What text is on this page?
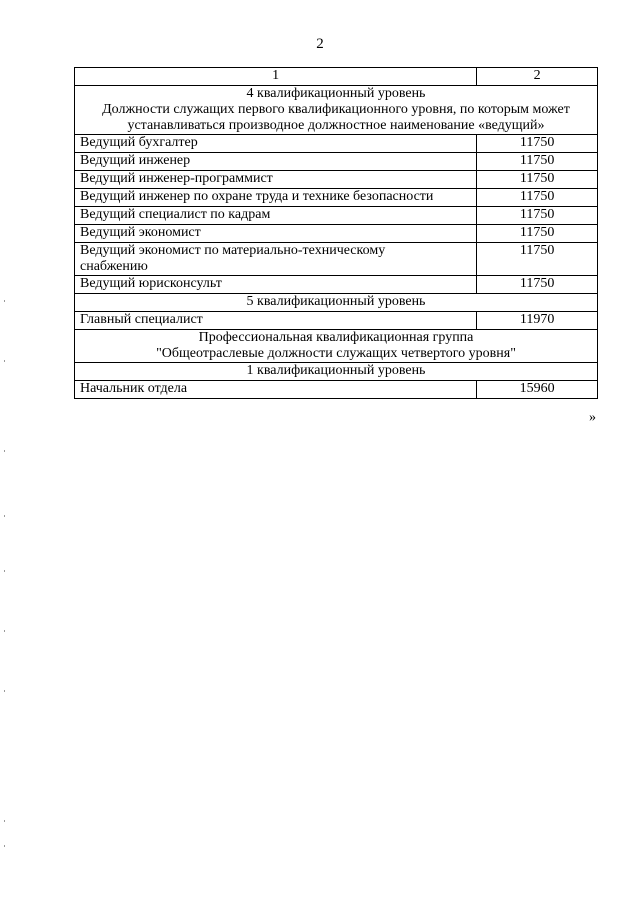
2
1	2

4 квалификационный уровень
Должности служащих первого квалификационного уровня, по которым может устанавливаться производное должностное наименование «ведущий»	

Ведущий бухгалтер	11750
Ведущий инженер	11750
Ведущий инженер-программист	11750
Ведущий инженер по охране труда и технике безопасности	11750
Ведущий специалист по кадрам	11750
Ведущий экономист	11750
Ведущий экономист по материально-техническому снабжению	11750
Ведущий юрисконсульт	11750
5 квалификационный уровень	
Главный специалист	11970

Профессиональная квалификационная группа
"Общеотраслевые должности служащих четвертого уровня"	

1 квалификационный уровень	
Начальник отдела	15960
»
